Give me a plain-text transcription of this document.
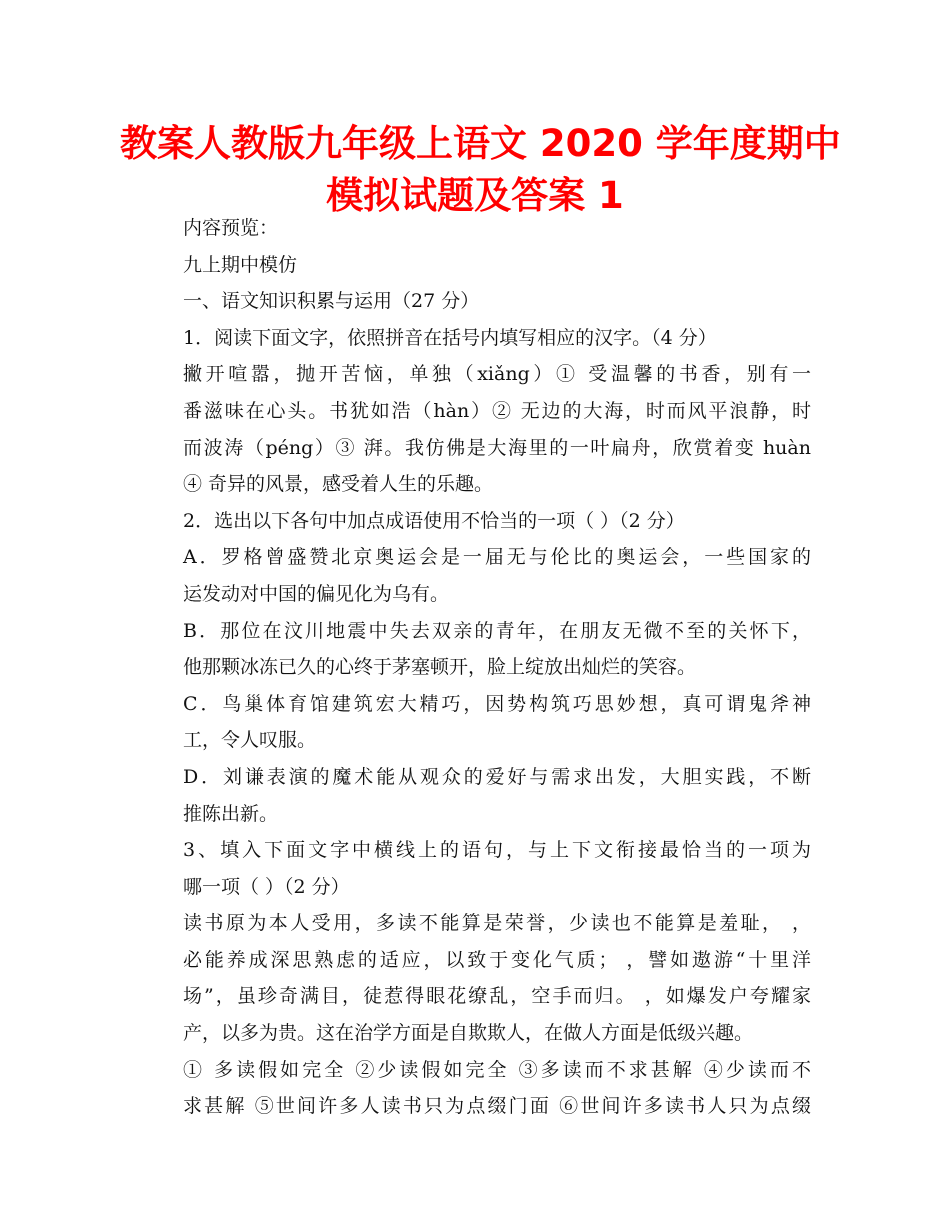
教案人教版九年级上语文 2020 学年度期中
模拟试题及答案 1

内容预览：

九上期中模仿

一、语文知识积累与运用（27 分）

1．阅读下面文字，依照拼音在括号内填写相应的汉字。（4 分）

撇开喧嚣，抛开苦恼，单独（xiǎng）① 受温馨的书香，别有一
番滋味在心头。书犹如浩（hàn）② 无边的大海，时而风平浪静，时
而波涛（péng）③ 湃。我仿佛是大海里的一叶扁舟，欣赏着变 huàn
④ 奇异的风景，感受着人生的乐趣。

2．选出以下各句中加点成语使用不恰当的一项（ ）（2 分）

A．罗格曾盛赞北京奥运会是一届无与伦比的奥运会，一些国家的
运发动对中国的偏见化为乌有。

B．那位在汶川地震中失去双亲的青年，在朋友无微不至的关怀下，
他那颗冰冻已久的心终于茅塞顿开，脸上绽放出灿烂的笑容。

C．鸟巢体育馆建筑宏大精巧，因势构筑巧思妙想，真可谓鬼斧神
工，令人叹服。

D．刘谦表演的魔术能从观众的爱好与需求出发，大胆实践，不断
推陈出新。

3、填入下面文字中横线上的语句，与上下文衔接最恰当的一项为
哪一项（ ）（2 分）

读书原为本人受用，多读不能算是荣誉，少读也不能算是羞耻， ，
必能养成深思熟虑的适应，以致于变化气质； ，譬如遨游“十里洋
场”，虽珍奇满目，徒惹得眼花缭乱，空手而归。 ，如爆发户夸耀家
产，以多为贵。这在治学方面是自欺欺人，在做人方面是低级兴趣。

① 多读假如完全 ②少读假如完全 ③多读而不求甚解 ④少读而不
求甚解 ⑤世间许多人读书只为点缀门面 ⑥世间许多读书人只为点缀
